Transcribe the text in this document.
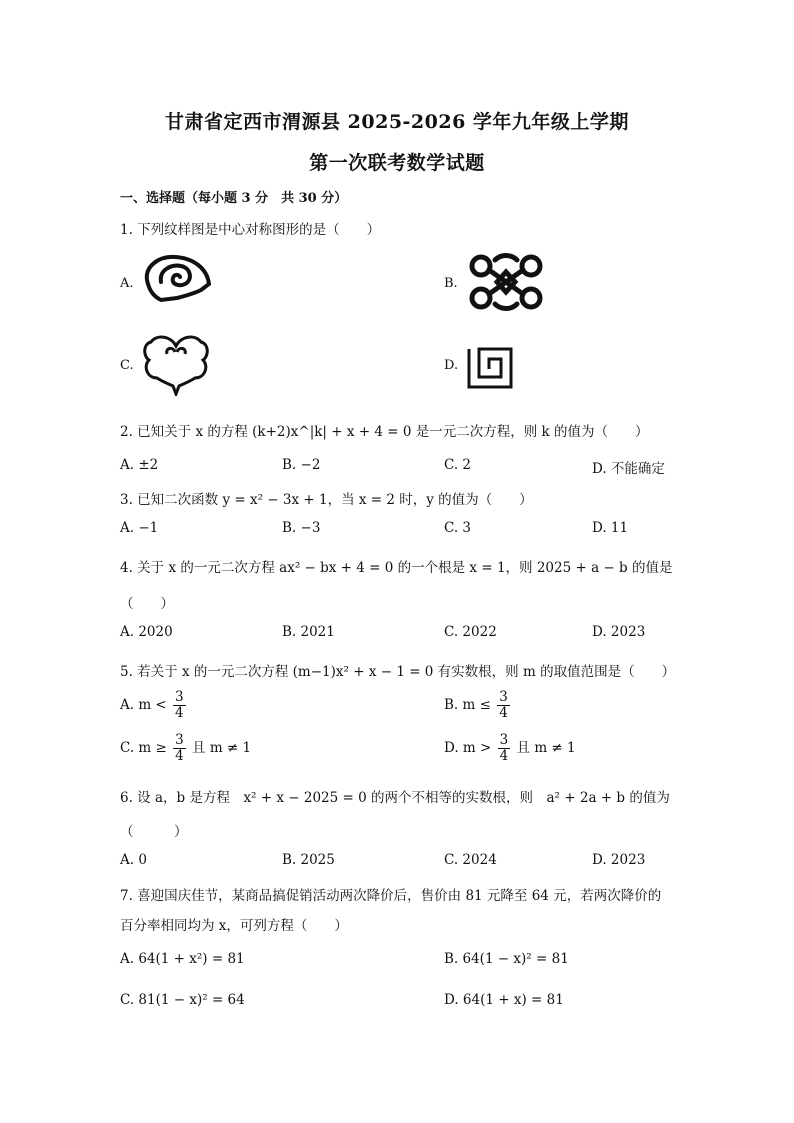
甘肃省定西市渭源县 2025-2026 学年九年级上学期
第一次联考数学试题
一、选择题（每小题 3 分　共 30 分）
1. 下列纹样图是中心对称图形的是（　　）
A.	B.
C.	D.
2. 已知关于 x 的方程 (k+2)x^|k| + x + 4 = 0 是一元二次方程，则 k 的值为（　　）
A. ±2	B. −2	C. 2	D. 不能确定
3. 已知二次函数 y = x² − 3x + 1，当 x = 2 时，y 的值为（　　）
A. −1	B. −3	C. 3	D. 11
4. 关于 x 的一元二次方程 ax² − bx + 4 = 0 的一个根是 x = 1，则 2025 + a − b 的值是
（　　）
A. 2020	B. 2021	C. 2022	D. 2023
5. 若关于 x 的一元二次方程 (m−1)x² + x − 1 = 0 有实数根，则 m 的取值范围是（　　）
A. $m < \frac{3}{4}$	B. $m \le \frac{3}{4}$
C. $m \ge \frac{3}{4}$ 且 m ≠ 1	D. $m > \frac{3}{4}$ 且 m ≠ 1
6. 设 a，b 是方程　x² + x − 2025 = 0 的两个不相等的实数根，则　a² + 2a + b 的值为
（　　　）
A. 0	B. 2025	C. 2024	D. 2023
7. 喜迎国庆佳节，某商品搞促销活动两次降价后，售价由 81 元降至 64 元，若两次降价的
百分率相同均为 x，可列方程（　　）
A. 64(1 + x²) = 81	B. 64(1 − x)² = 81
C. 81(1 − x)² = 64	D. 64(1 + x) = 81
